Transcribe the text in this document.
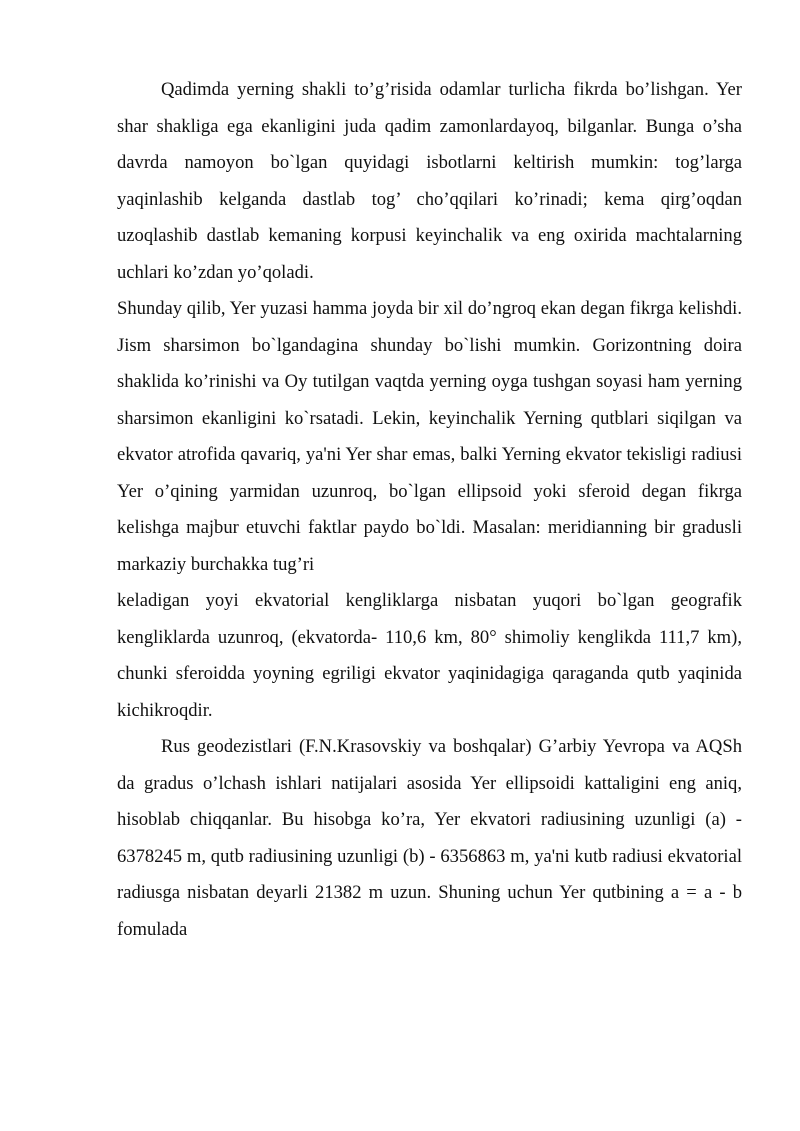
Qadimda yerning shakli to’g’risida odamlar turlicha fikrda bo’lishgan. Yer shar shakliga ega ekanligini juda qadim zamonlardayoq, bilganlar. Bunga o’sha davrda namoyon bo`lgan quyidagi isbotlarni keltirish mumkin: tog’larga yaqinlashib kelganda dastlab tog’ cho’qqilari ko’rinadi; kema qirg’oqdan uzoqlashib dastlab kemaning korpusi keyinchalik va eng oxirida machtalarning uchlari ko’zdan yo’qoladi.

Shunday qilib, Yer yuzasi hamma joyda bir xil do’ngroq ekan degan fikrga kelishdi. Jism sharsimon bo`lgandagina shunday bo`lishi mumkin. Gorizontning doira shaklida ko’rinishi va Oy tutilgan vaqtda yerning oyga tushgan soyasi ham yerning sharsimon ekanligini ko`rsatadi. Lekin, keyinchalik Yerning qutblari siqilgan va ekvator atrofida qavariq, ya'ni Yer shar emas, balki Yerning ekvator tekisligi radiusi Yer o’qining yarmidan uzunroq, bo`lgan ellipsoid yoki sferoid degan fikrga kelishga majbur etuvchi faktlar paydo bo`ldi. Masalan: meridianning bir gradusli markaziy burchakka tug’ri

keladigan yoyi ekvatorial kengliklarga nisbatan yuqori bo`lgan geografik kengliklarda uzunroq, (ekvatorda- 110,6 km, 80° shimoliy kenglikda 111,7 km), chunki sferoidda yoyning egriligi ekvator yaqinidagiga qaraganda qutb yaqinida kichikroqdir.

Rus geodezistlari (F.N.Krasovskiy va boshqalar) G’arbiy Yevropa va AQSh da gradus o’lchash ishlari natijalari asosida Yer ellipsoidi kattaligini eng aniq, hisoblab chiqqanlar. Bu hisobga ko’ra, Yer ekvatori radiusining uzunligi (a) - 6378245 m, qutb radiusining uzunligi (b) - 6356863 m, ya'ni kutb radiusi ekvatorial radiusga nisbatan deyarli 21382 m uzun. Shuning uchun Yer qutbining a = a - b fomulada
